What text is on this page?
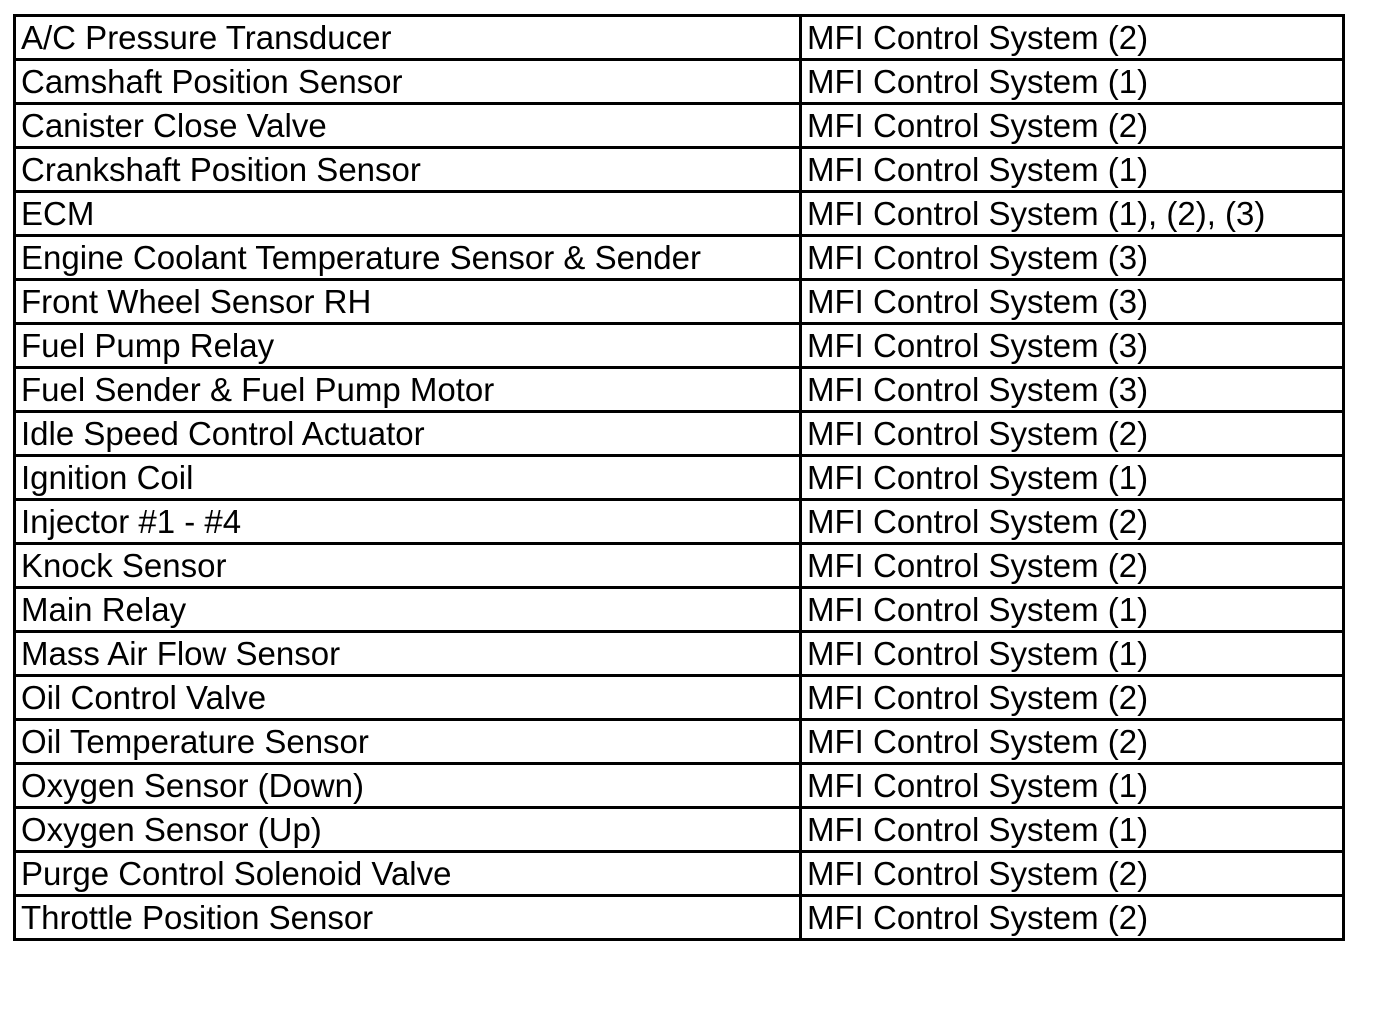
A/C Pressure Transducer	MFI Control System (2)
Camshaft Position Sensor	MFI Control System (1)
Canister Close Valve	MFI Control System (2)
Crankshaft Position Sensor	MFI Control System (1)
ECM	MFI Control System (1), (2), (3)
Engine Coolant Temperature Sensor & Sender	MFI Control System (3)
Front Wheel Sensor RH	MFI Control System (3)
Fuel Pump Relay	MFI Control System (3)
Fuel Sender & Fuel Pump Motor	MFI Control System (3)
Idle Speed Control Actuator	MFI Control System (2)
Ignition Coil	MFI Control System (1)
Injector #1 - #4	MFI Control System (2)
Knock Sensor	MFI Control System (2)
Main Relay	MFI Control System (1)
Mass Air Flow Sensor	MFI Control System (1)
Oil Control Valve	MFI Control System (2)
Oil Temperature Sensor	MFI Control System (2)
Oxygen Sensor (Down)	MFI Control System (1)
Oxygen Sensor (Up)	MFI Control System (1)
Purge Control Solenoid Valve	MFI Control System (2)
Throttle Position Sensor	MFI Control System (2)
